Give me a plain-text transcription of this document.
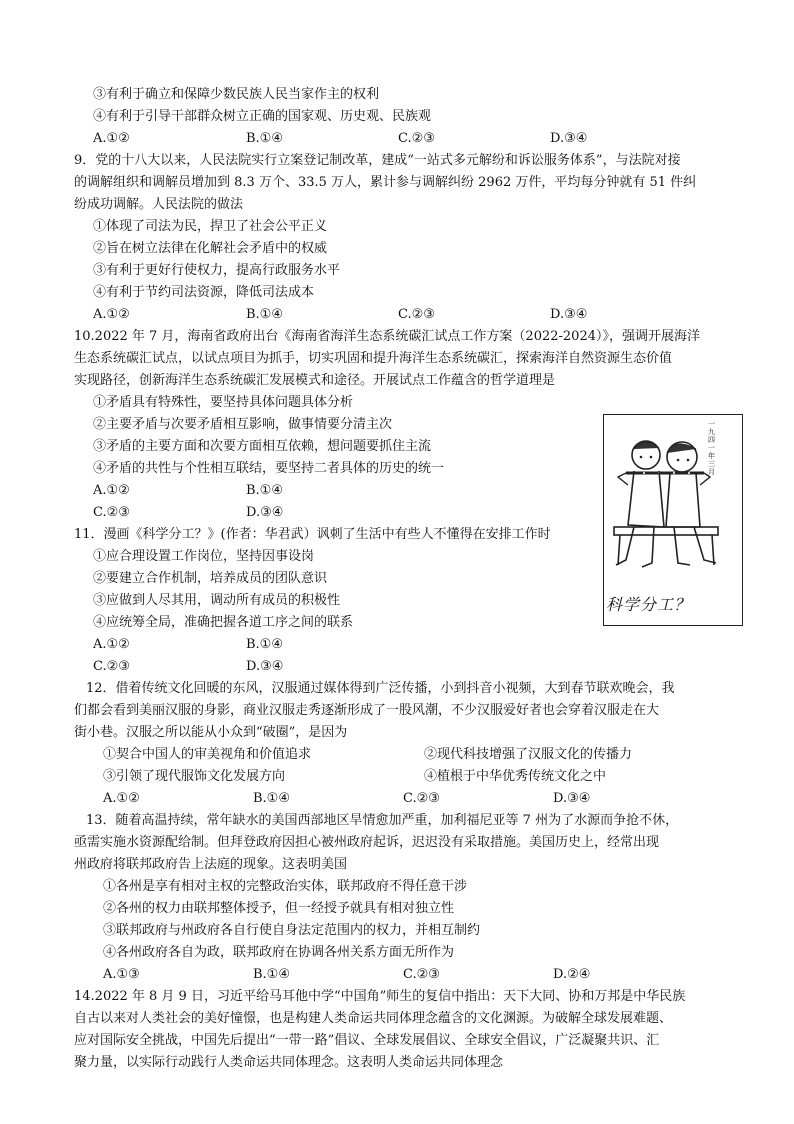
③有利于确立和保障少数民族人民当家作主的权利
④有利于引导干部群众树立正确的国家观、历史观、民族观
A.①②	B.①④	C.②③	D.③④
9．党的十八大以来，人民法院实行立案登记制改革，建成“一站式多元解纷和诉讼服务体系”，与法院对接
的调解组织和调解员增加到 8.3 万个、33.5 万人，累计参与调解纠纷 2962 万件，平均每分钟就有 51 件纠
纷成功调解。人民法院的做法
①体现了司法为民，捍卫了社会公平正义
②旨在树立法律在化解社会矛盾中的权威
③有利于更好行使权力，提高行政服务水平
④有利于节约司法资源，降低司法成本
A.①②	B.①④	C.②③	D.③④
10.2022 年 7 月，海南省政府出台《海南省海洋生态系统碳汇试点工作方案（2022-2024）》，强调开展海洋
生态系统碳汇试点，以试点项目为抓手，切实巩固和提升海洋生态系统碳汇，探索海洋自然资源生态价值
实现路径，创新海洋生态系统碳汇发展模式和途径。开展试点工作蕴含的哲学道理是
①矛盾具有特殊性，要坚持具体问题具体分析
②主要矛盾与次要矛盾相互影响，做事情要分清主次
③矛盾的主要方面和次要方面相互依赖，想问题要抓住主流
④矛盾的共性与个性相互联结，要坚持二者具体的历史的统一
A.①②	B.①④
C.②③	D.③④
11．漫画《科学分工？》(作者：华君武）讽刺了生活中有些人不懂得在安排工作时
①应合理设置工作岗位，坚持因事设岗
②要建立合作机制，培养成员的团队意识
③应做到人尽其用，调动所有成员的积极性
④应统筹全局，准确把握各道工序之间的联系
A.①②	B.①④
C.②③	D.③④
一九四一年三月
科学分工？
12．借着传统文化回暖的东风，汉服通过媒体得到广泛传播，小到抖音小视频，大到春节联欢晚会，我
们都会看到美丽汉服的身影，商业汉服走秀逐渐形成了一股风潮，不少汉服爱好者也会穿着汉服走在大
街小巷。汉服之所以能从小众到“破圈”，是因为
①契合中国人的审美视角和价值追求	②现代科技增强了汉服文化的传播力
③引领了现代服饰文化发展方向	④植根于中华优秀传统文化之中
A.①②	B.①④	C.②③	D.③④
13．随着高温持续，常年缺水的美国西部地区旱情愈加严重，加利福尼亚等 7 州为了水源而争抢不休，
亟需实施水资源配给制。但拜登政府因担心被州政府起诉，迟迟没有采取措施。美国历史上，经常出现
州政府将联邦政府告上法庭的现象。这表明美国
①各州是享有相对主权的完整政治实体，联邦政府不得任意干涉
②各州的权力由联邦整体授予，但一经授予就具有相对独立性
③联邦政府与州政府各自行使自身法定范围内的权力，并相互制约
④各州政府各自为政，联邦政府在协调各州关系方面无所作为
A.①③	B.①④	C.②③	D.②④
14.2022 年 8 月 9 日，习近平给马耳他中学“中国角”师生的复信中指出：天下大同、协和万邦是中华民族
自古以来对人类社会的美好憧憬，也是构建人类命运共同体理念蕴含的文化渊源。为破解全球发展难题、
应对国际安全挑战，中国先后提出“一带一路”倡议、全球发展倡议、全球安全倡议，广泛凝聚共识、汇
聚力量，以实际行动践行人类命运共同体理念。这表明人类命运共同体理念
